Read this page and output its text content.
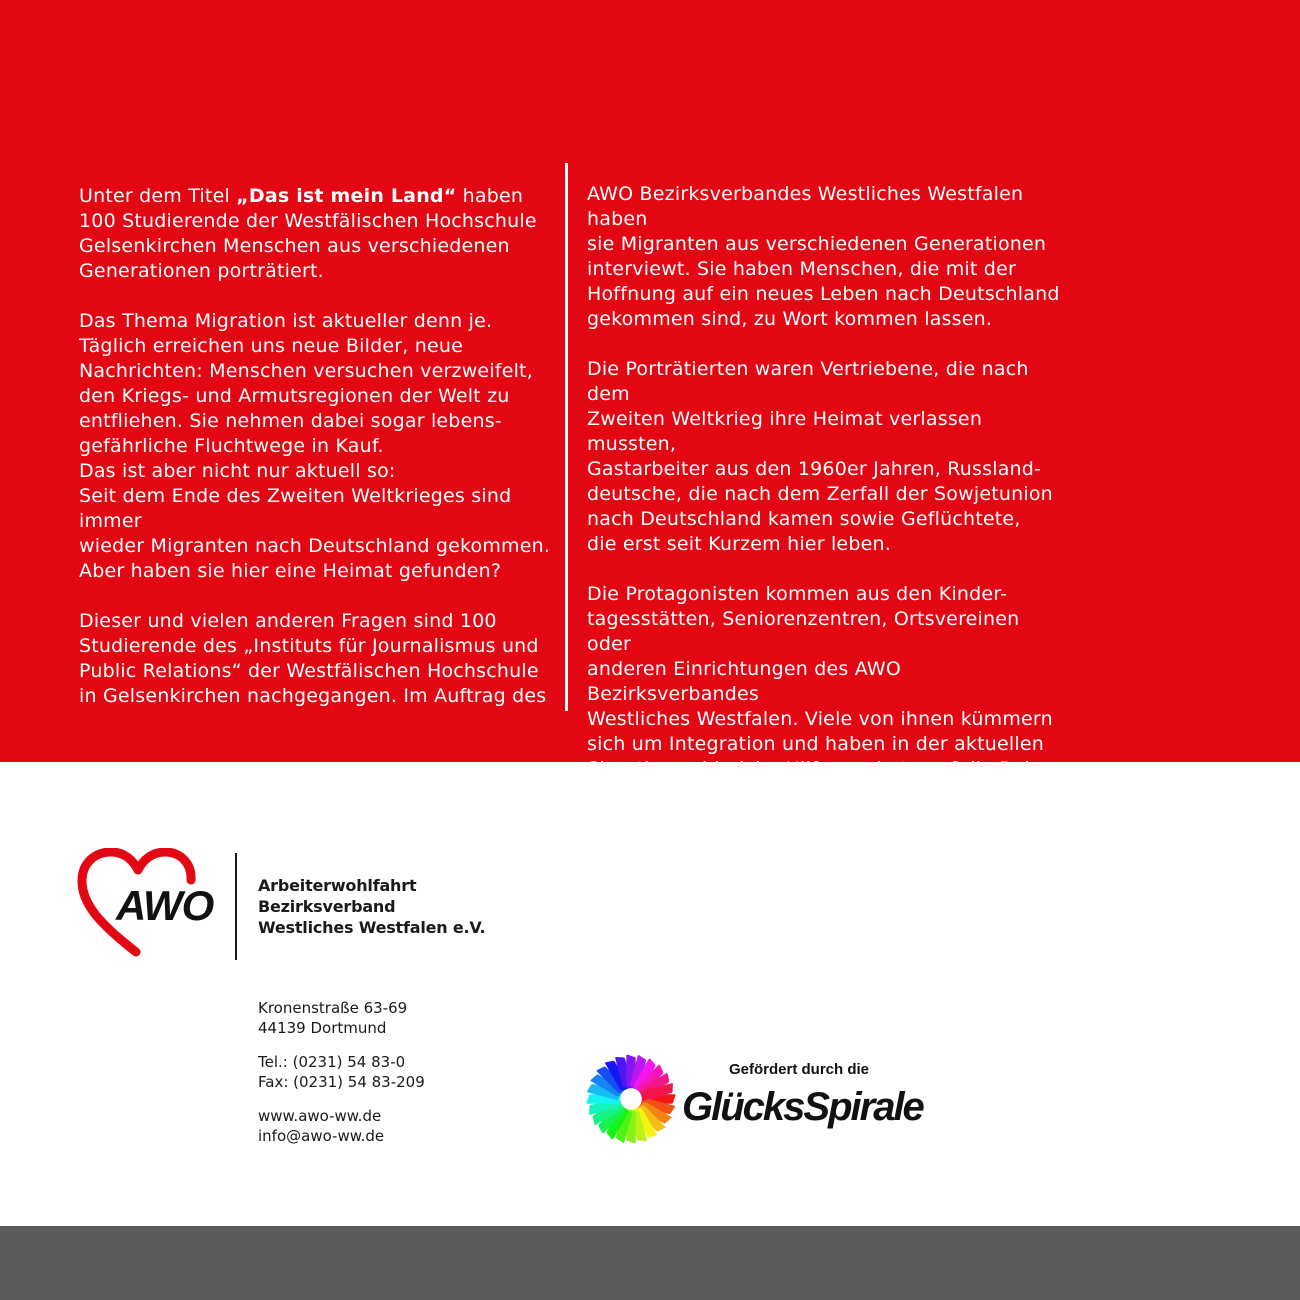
Unter dem Titel „Das ist mein Land“ haben
100 Studierende der Westfälischen Hochschule
Gelsenkirchen Menschen aus verschiedenen
Generationen porträtiert.

Das Thema Migration ist aktueller denn je.
Täglich erreichen uns neue Bilder, neue
Nachrichten: Menschen versuchen verzweifelt,
den Kriegs- und Armutsregionen der Welt zu
entfliehen. Sie nehmen dabei sogar lebens-
gefährliche Fluchtwege in Kauf.
Das ist aber nicht nur aktuell so:
Seit dem Ende des Zweiten Weltkrieges sind immer
wieder Migranten nach Deutschland gekommen.
Aber haben sie hier eine Heimat gefunden?

Dieser und vielen anderen Fragen sind 100
Studierende des „Instituts für Journalismus und
Public Relations“ der Westfälischen Hochschule
in Gelsenkirchen nachgegangen. Im Auftrag des

AWO Bezirksverbandes Westliches Westfalen haben
sie Migranten aus verschiedenen Generationen
interviewt. Sie haben Menschen, die mit der
Hoffnung auf ein neues Leben nach Deutschland
gekommen sind, zu Wort kommen lassen.

Die Porträtierten waren Vertriebene, die nach dem
Zweiten Weltkrieg ihre Heimat verlassen mussten,
Gastarbeiter aus den 1960er Jahren, Russland-
deutsche, die nach dem Zerfall der Sowjetunion
nach Deutschland kamen sowie Geflüchtete,
die erst seit Kurzem hier leben.

Die Protagonisten kommen aus den Kinder-
tagesstätten, Seniorenzentren, Ortsvereinen oder
anderen Einrichtungen des AWO Bezirksverbandes
Westliches Westfalen. Viele von ihnen kümmern
sich um Integration und haben in der aktuellen
Situation zahlreiche Hilfsangebote auf die Beine
gestellt.

AWO	Arbeiterwohlfahrt
Bezirksverband
Westliches Westfalen e.V.
Kronenstraße 63-69
44139 Dortmund
Tel.: (0231) 54 83-0
Fax: (0231) 54 83-209
www.awo-ww.de
info@awo-ww.de
Gefördert durch die
GlücksSpirale
